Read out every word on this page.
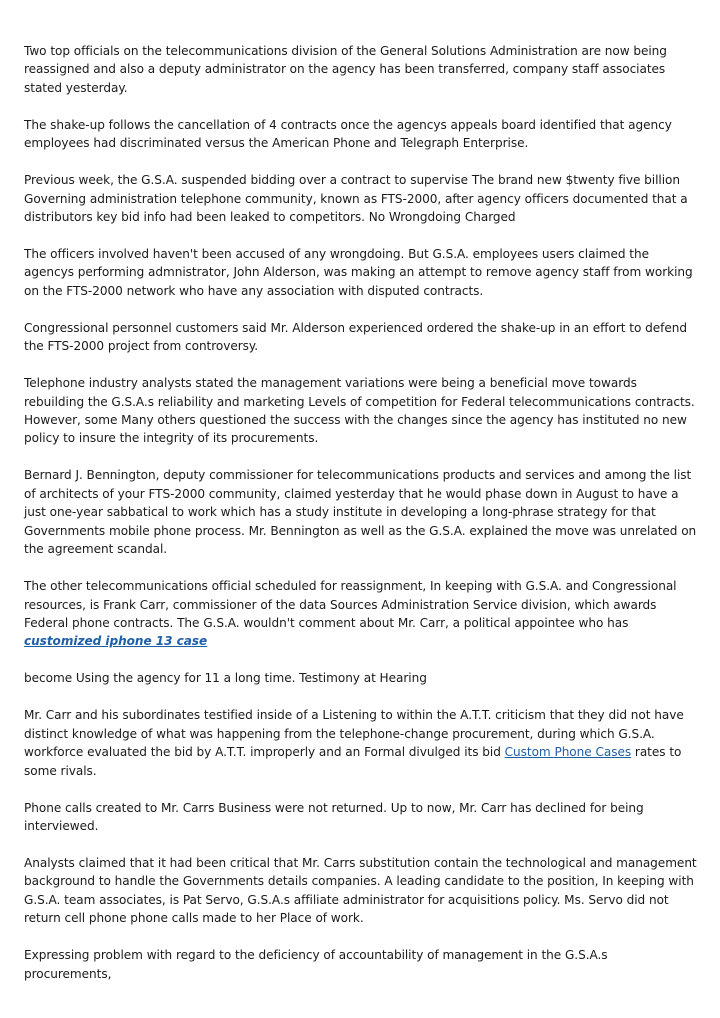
Two top officials on the telecommunications division of the General Solutions Administration are now being reassigned and also a deputy administrator on the agency has been transferred, company staff associates stated yesterday.

The shake-up follows the cancellation of 4 contracts once the agencys appeals board identified that agency employees had discriminated versus the American Phone and Telegraph Enterprise.

Previous week, the G.S.A. suspended bidding over a contract to supervise The brand new $twenty five billion Governing administration telephone community, known as FTS-2000, after agency officers documented that a distributors key bid info had been leaked to competitors. No Wrongdoing Charged

The officers involved haven't been accused of any wrongdoing. But G.S.A. employees users claimed the agencys performing admnistrator, John Alderson, was making an attempt to remove agency staff from working on the FTS-2000 network who have any association with disputed contracts.

Congressional personnel customers said Mr. Alderson experienced ordered the shake-up in an effort to defend the FTS-2000 project from controversy.

Telephone industry analysts stated the management variations were being a beneficial move towards rebuilding the G.S.A.s reliability and marketing Levels of competition for Federal telecommunications contracts. However, some Many others questioned the success with the changes since the agency has instituted no new policy to insure the integrity of its procurements.

Bernard J. Bennington, deputy commissioner for telecommunications products and services and among the list of architects of your FTS-2000 community, claimed yesterday that he would phase down in August to have a just one-year sabbatical to work which has a study institute in developing a long-phrase strategy for that Governments mobile phone process. Mr. Bennington as well as the G.S.A. explained the move was unrelated on the agreement scandal.

The other telecommunications official scheduled for reassignment, In keeping with G.S.A. and Congressional resources, is Frank Carr, commissioner of the data Sources Administration Service division, which awards Federal phone contracts. The G.S.A. wouldn't comment about Mr. Carr, a political appointee who has customized iphone 13 case

become Using the agency for 11 a long time. Testimony at Hearing

Mr. Carr and his subordinates testified inside of a Listening to within the A.T.T. criticism that they did not have distinct knowledge of what was happening from the telephone-change procurement, during which G.S.A. workforce evaluated the bid by A.T.T. improperly and an Formal divulged its bid Custom Phone Cases rates to some rivals.

Phone calls created to Mr. Carrs Business were not returned. Up to now, Mr. Carr has declined for being interviewed.

Analysts claimed that it had been critical that Mr. Carrs substitution contain the technological and management background to handle the Governments details companies. A leading candidate to the position, In keeping with G.S.A. team associates, is Pat Servo, G.S.A.s affiliate administrator for acquisitions policy. Ms. Servo did not return cell phone phone calls made to her Place of work.

Expressing problem with regard to the deficiency of accountability of management in the G.S.A.s procurements,
